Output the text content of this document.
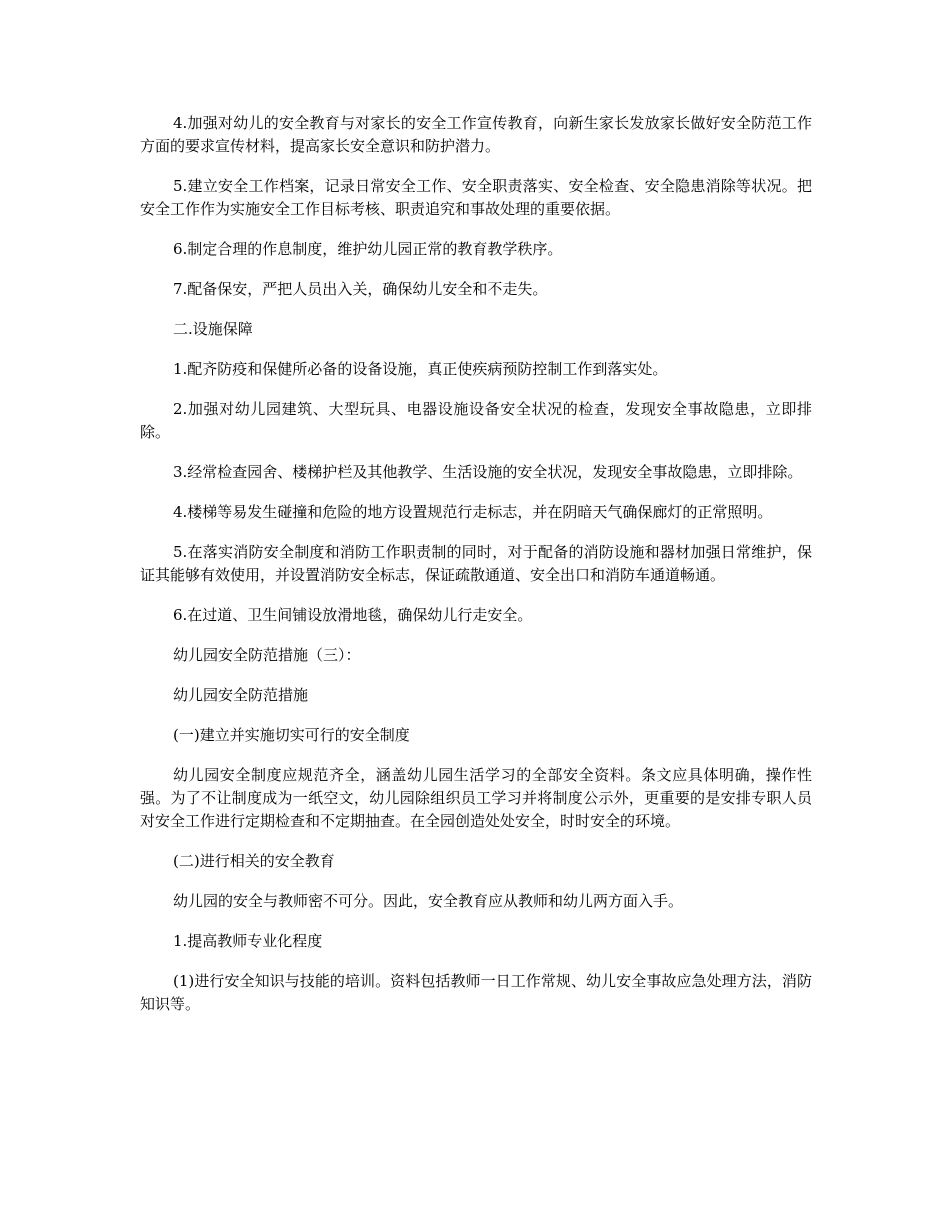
4.加强对幼儿的安全教育与对家长的安全工作宣传教育，向新生家长发放家长做好安全防范工作方面的要求宣传材料，提高家长安全意识和防护潜力。

5.建立安全工作档案，记录日常安全工作、安全职责落实、安全检查、安全隐患消除等状况。把安全工作作为实施安全工作目标考核、职责追究和事故处理的重要依据。

6.制定合理的作息制度，维护幼儿园正常的教育教学秩序。

7.配备保安，严把人员出入关，确保幼儿安全和不走失。

二.设施保障

1.配齐防疫和保健所必备的设备设施，真正使疾病预防控制工作到落实处。

2.加强对幼儿园建筑、大型玩具、电器设施设备安全状况的检查，发现安全事故隐患，立即排除。

3.经常检查园舍、楼梯护栏及其他教学、生活设施的安全状况，发现安全事故隐患，立即排除。

4.楼梯等易发生碰撞和危险的地方设置规范行走标志，并在阴暗天气确保廊灯的正常照明。

5.在落实消防安全制度和消防工作职责制的同时，对于配备的消防设施和器材加强日常维护，保证其能够有效使用，并设置消防安全标志，保证疏散通道、安全出口和消防车通道畅通。

6.在过道、卫生间铺设放滑地毯，确保幼儿行走安全。

幼儿园安全防范措施（三）：

幼儿园安全防范措施

(一)建立并实施切实可行的安全制度

幼儿园安全制度应规范齐全，涵盖幼儿园生活学习的全部安全资料。条文应具体明确，操作性强。为了不让制度成为一纸空文，幼儿园除组织员工学习并将制度公示外，更重要的是安排专职人员对安全工作进行定期检查和不定期抽查。在全园创造处处安全，时时安全的环境。

(二)进行相关的安全教育

幼儿园的安全与教师密不可分。因此，安全教育应从教师和幼儿两方面入手。

1.提高教师专业化程度

(1)进行安全知识与技能的培训。资料包括教师一日工作常规、幼儿安全事故应急处理方法，消防知识等。
